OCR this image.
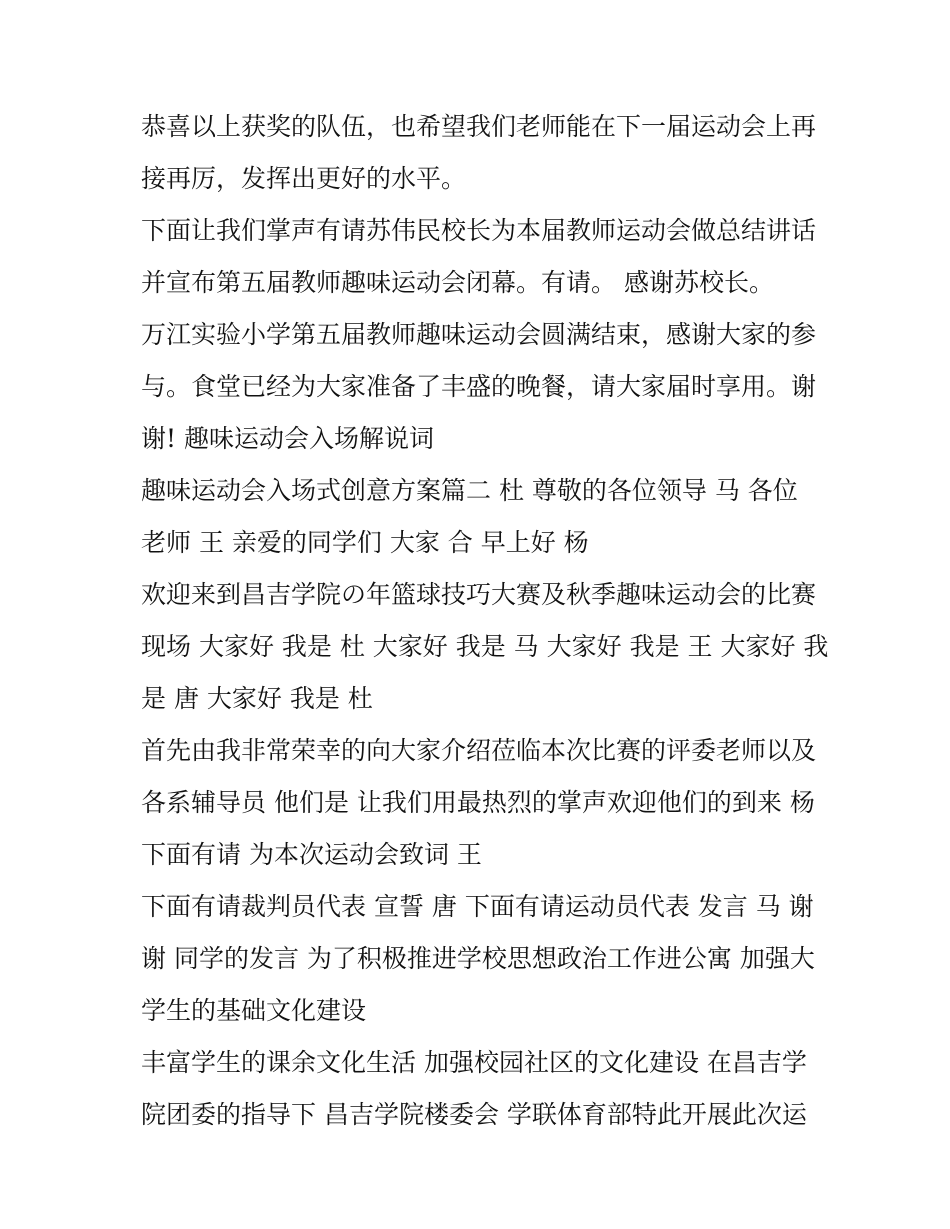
恭喜以上获奖的队伍，也希望我们老师能在下一届运动会上再
接再厉，发挥出更好的水平。
下面让我们掌声有请苏伟民校长为本届教师运动会做总结讲话
并宣布第五届教师趣味运动会闭幕。有请。 感谢苏校长。
万江实验小学第五届教师趣味运动会圆满结束，感谢大家的参
与。食堂已经为大家准备了丰盛的晚餐，请大家届时享用。谢
谢! 趣味运动会入场解说词
趣味运动会入场式创意方案篇二 杜 尊敬的各位领导 马 各位
老师 王 亲爱的同学们 大家 合 早上好 杨
欢迎来到昌吉学院の年篮球技巧大赛及秋季趣味运动会的比赛
现场 大家好 我是 杜 大家好 我是 马 大家好 我是 王 大家好 我
是 唐 大家好 我是 杜
首先由我非常荣幸的向大家介绍莅临本次比赛的评委老师以及
各系辅导员 他们是 让我们用最热烈的掌声欢迎他们的到来 杨
下面有请 为本次运动会致词 王
下面有请裁判员代表 宣誓 唐 下面有请运动员代表 发言 马 谢
谢 同学的发言 为了积极推进学校思想政治工作进公寓 加强大
学生的基础文化建设
丰富学生的课余文化生活 加强校园社区的文化建设 在昌吉学
院团委的指导下 昌吉学院楼委会 学联体育部特此开展此次运
